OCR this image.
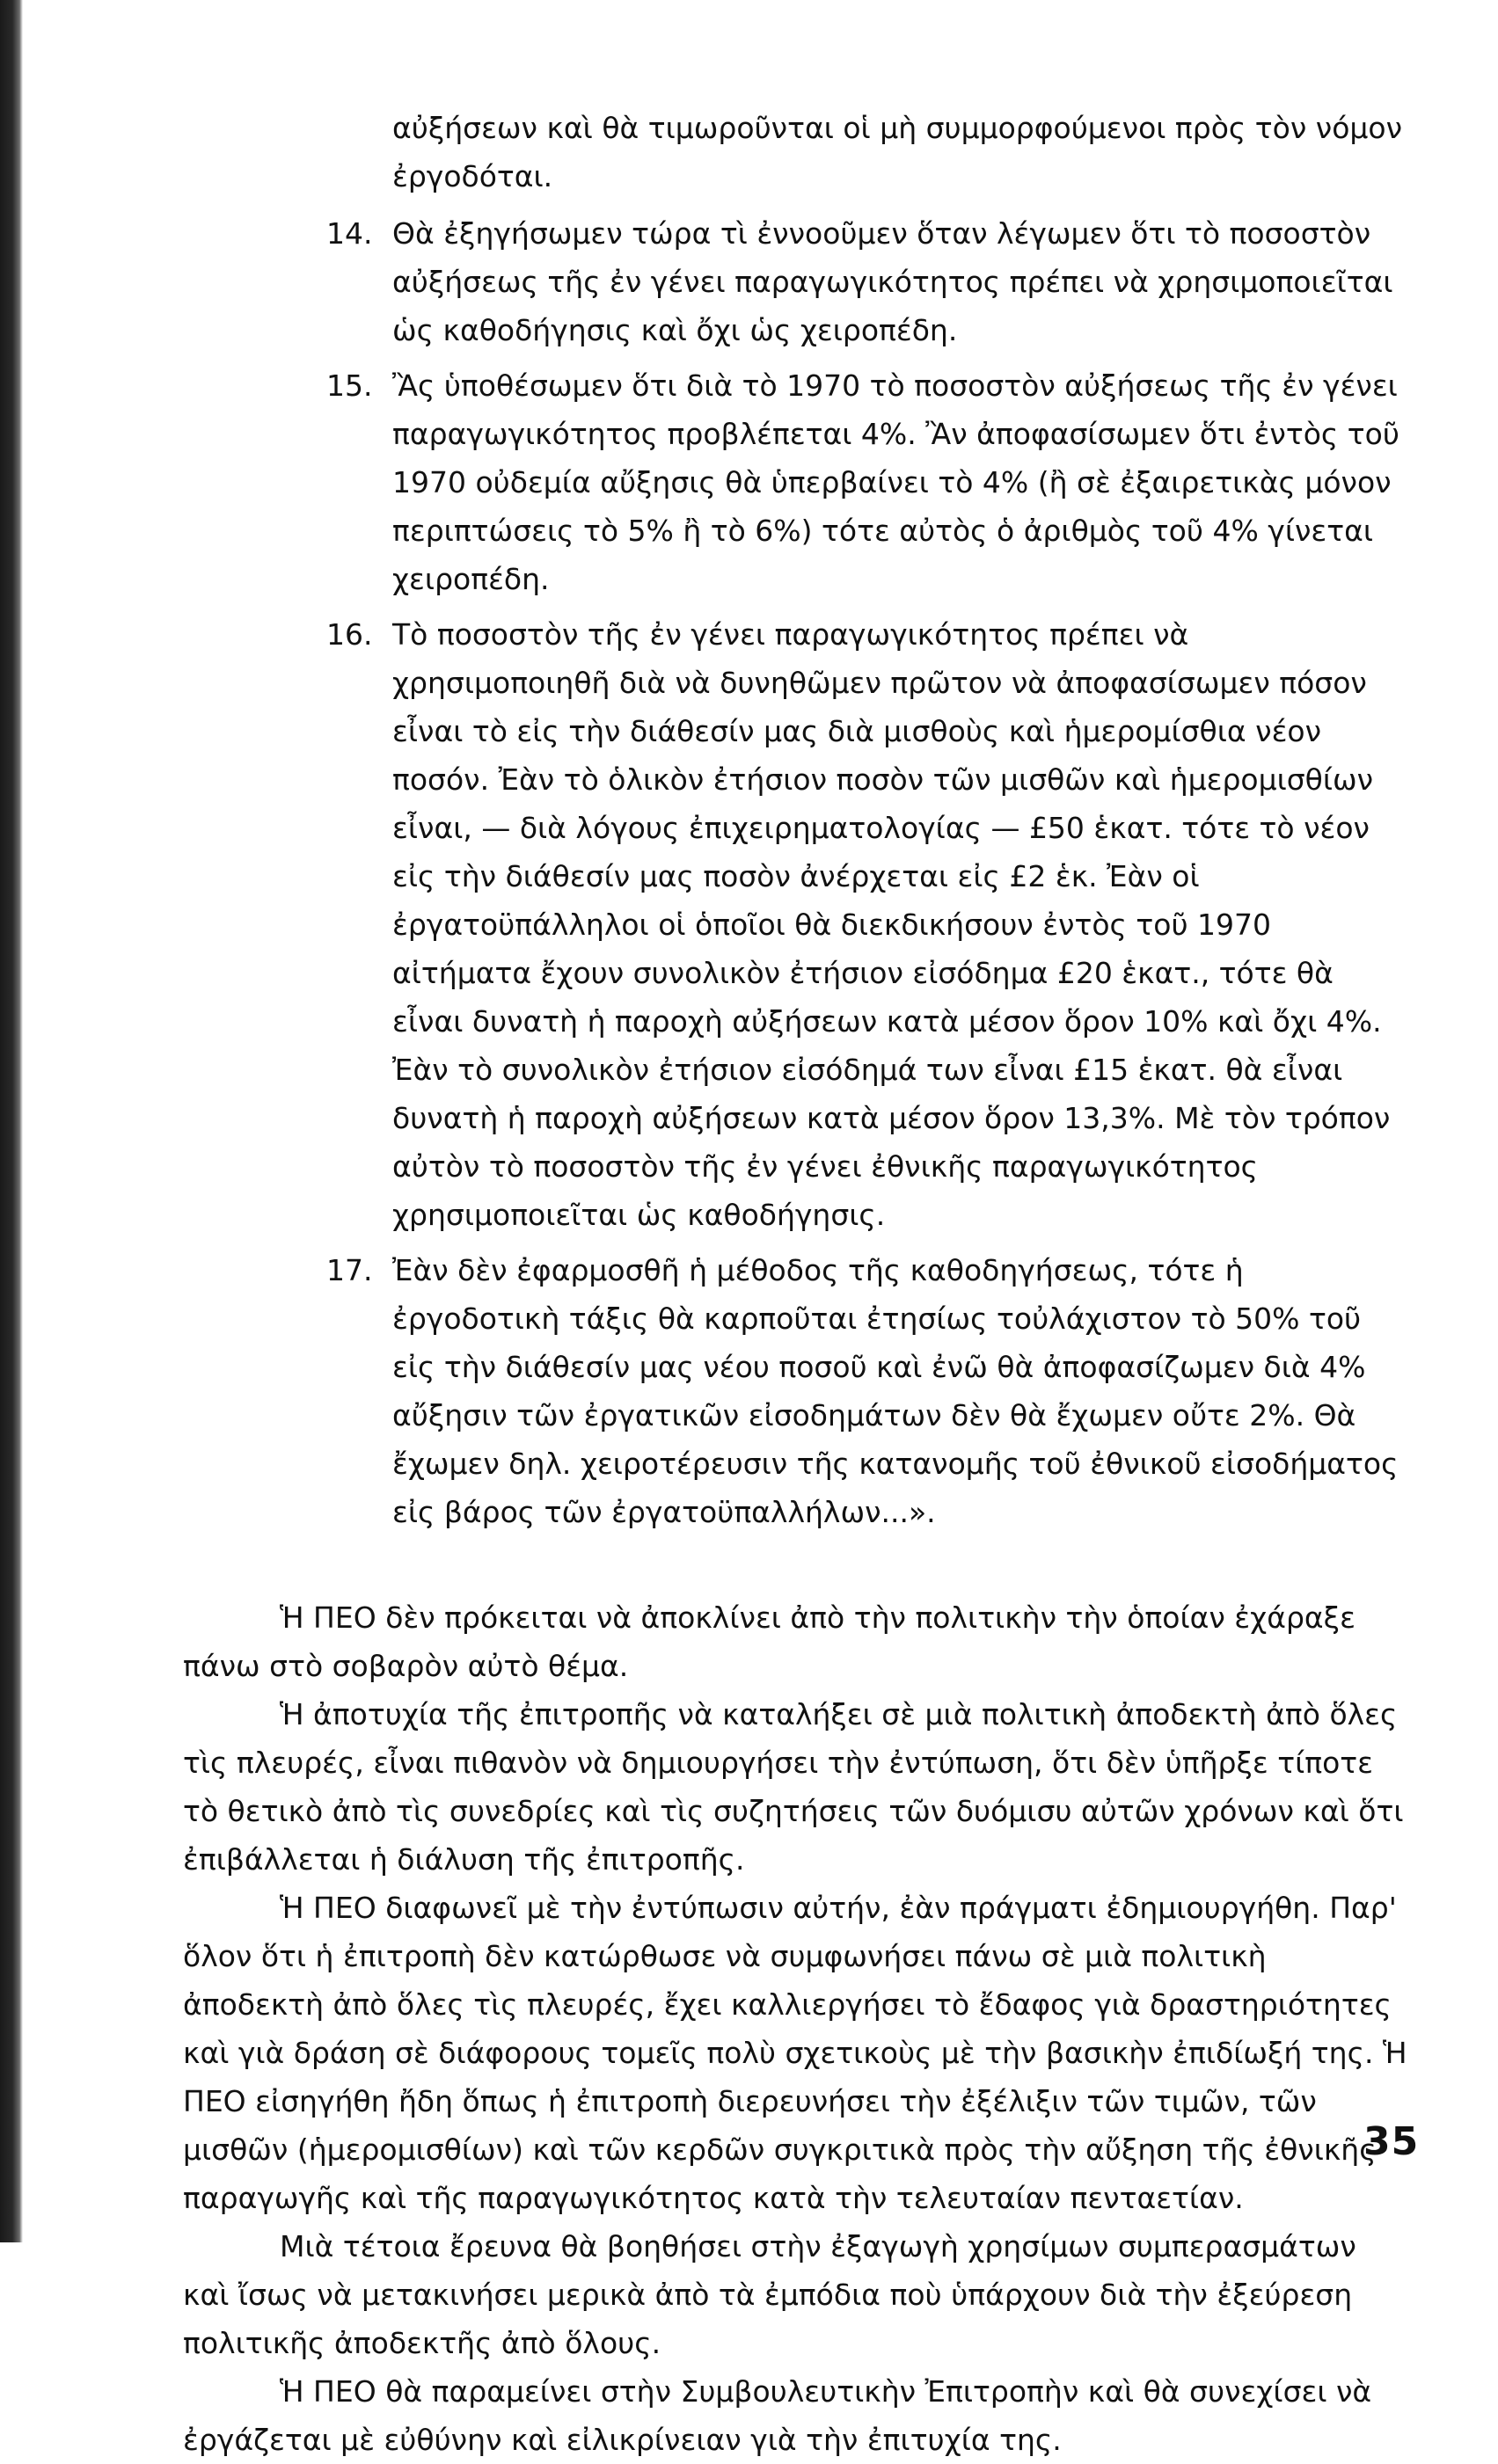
αὐξήσεων καὶ θὰ τιμωροῦνται οἱ μὴ συμμορφούμενοι πρὸς τὸν νόμον ἐργοδόται.

14. Θὰ ἐξηγήσωμεν τώρα τὶ ἐννοοῦμεν ὅταν λέγωμεν ὅτι τὸ ποσοστὸν αὐξήσεως τῆς ἐν γένει παραγωγικότητος πρέπει νὰ χρησιμοποιεῖται ὡς καθοδήγησις καὶ ὄχι ὡς χειροπέδη.
15. Ἂς ὑποθέσωμεν ὅτι διὰ τὸ 1970 τὸ ποσοστὸν αὐξήσεως τῆς ἐν γένει παραγωγικότητος προβλέπεται 4%. Ἂν ἀποφασίσωμεν ὅτι ἐντὸς τοῦ 1970 οὐδεμία αὔξησις θὰ ὑπερβαίνει τὸ 4% (ἢ σὲ ἐξαιρετικὰς μόνον περιπτώσεις τὸ 5% ἢ τὸ 6%) τότε αὐτὸς ὁ ἀριθμὸς τοῦ 4% γίνεται χειροπέδη.
16. Τὸ ποσοστὸν τῆς ἐν γένει παραγωγικότητος πρέπει νὰ χρησιμοποιηθῆ διὰ νὰ δυνηθῶμεν πρῶτον νὰ ἀποφασίσωμεν πόσον εἶναι τὸ εἰς τὴν διάθεσίν μας διὰ μισθοὺς καὶ ἡμερομίσθια νέον ποσόν. Ἐὰν τὸ ὁλικὸν ἐτήσιον ποσὸν τῶν μισθῶν καὶ ἡμερομισθίων εἶναι, — διὰ λόγους ἐπιχειρηματολογίας — £50 ἑκατ. τότε τὸ νέον εἰς τὴν διάθεσίν μας ποσὸν ἀνέρχεται εἰς £2 ἑκ. Ἐὰν οἱ ἐργατοϋπάλληλοι οἱ ὁποῖοι θὰ διεκδικήσουν ἐντὸς τοῦ 1970 αἰτήματα ἔχουν συνολικὸν ἐτήσιον εἰσόδημα £20 ἑκατ., τότε θὰ εἶναι δυνατὴ ἡ παροχὴ αὐξήσεων κατὰ μέσον ὅρον 10% καὶ ὄχι 4%. Ἐὰν τὸ συνολικὸν ἐτήσιον εἰσόδημά των εἶναι £15 ἑκατ. θὰ εἶναι δυνατὴ ἡ παροχὴ αὐξήσεων κατὰ μέσον ὅρον 13,3%. Μὲ τὸν τρόπον αὐτὸν τὸ ποσοστὸν τῆς ἐν γένει ἐθνικῆς παραγωγικότητος χρησιμοποιεῖται ὡς καθοδήγησις.
17. Ἐὰν δὲν ἐφαρμοσθῆ ἡ μέθοδος τῆς καθοδηγήσεως, τότε ἡ ἐργοδοτικὴ τάξις θὰ καρποῦται ἐτησίως τοὐλάχιστον τὸ 50% τοῦ εἰς τὴν διάθεσίν μας νέου ποσοῦ καὶ ἐνῶ θὰ ἀποφασίζωμεν διὰ 4% αὔξησιν τῶν ἐργατικῶν εἰσοδημάτων δὲν θὰ ἔχωμεν οὔτε 2%. Θὰ ἔχωμεν δηλ. χειροτέρευσιν τῆς κατανομῆς τοῦ ἐθνικοῦ εἰσοδήματος εἰς βάρος τῶν ἐργατοϋπαλλήλων...».

Ἡ ΠΕΟ δὲν πρόκειται νὰ ἀποκλίνει ἀπὸ τὴν πολιτικὴν τὴν ὁποίαν ἐχάραξε πάνω στὸ σοβαρὸν αὐτὸ θέμα.

Ἡ ἀποτυχία τῆς ἐπιτροπῆς νὰ καταλήξει σὲ μιὰ πολιτικὴ ἀποδεκτὴ ἀπὸ ὅλες τὶς πλευρές, εἶναι πιθανὸν νὰ δημιουργήσει τὴν ἐντύπωση, ὅτι δὲν ὑπῆρξε τίποτε τὸ θετικὸ ἀπὸ τὶς συνεδρίες καὶ τὶς συζητήσεις τῶν δυόμισυ αὐτῶν χρόνων καὶ ὅτι ἐπιβάλλεται ἡ διάλυση τῆς ἐπιτροπῆς.

Ἡ ΠΕΟ διαφωνεῖ μὲ τὴν ἐντύπωσιν αὐτήν, ἐὰν πράγματι ἐδημιουργήθη. Παρ' ὅλον ὅτι ἡ ἐπιτροπὴ δὲν κατώρθωσε νὰ συμφωνήσει πάνω σὲ μιὰ πολιτικὴ ἀποδεκτὴ ἀπὸ ὅλες τὶς πλευρές, ἔχει καλλιεργήσει τὸ ἔδαφος γιὰ δραστηριότητες καὶ γιὰ δράση σὲ διάφορους τομεῖς πολὺ σχετικοὺς μὲ τὴν βασικὴν ἐπιδίωξή της. Ἡ ΠΕΟ εἰσηγήθη ἤδη ὅπως ἡ ἐπιτροπὴ διερευνήσει τὴν ἐξέλιξιν τῶν τιμῶν, τῶν μισθῶν (ἡμερομισθίων) καὶ τῶν κερδῶν συγκριτικὰ πρὸς τὴν αὔξηση τῆς ἐθνικῆς παραγωγῆς καὶ τῆς παραγωγικότητος κατὰ τὴν τελευταίαν πενταετίαν.

Μιὰ τέτοια ἔρευνα θὰ βοηθήσει στὴν ἐξαγωγὴ χρησίμων συμπερασμάτων καὶ ἴσως νὰ μετακινήσει μερικὰ ἀπὸ τὰ ἐμπόδια ποὺ ὑπάρχουν διὰ τὴν ἐξεύρεση πολιτικῆς ἀποδεκτῆς ἀπὸ ὅλους.

Ἡ ΠΕΟ θὰ παραμείνει στὴν Συμβουλευτικὴν Ἐπιτροπὴν καὶ θὰ συνεχίσει νὰ ἐργάζεται μὲ εὐθύνην καὶ εἰλικρίνειαν γιὰ τὴν ἐπιτυχία της.

35
